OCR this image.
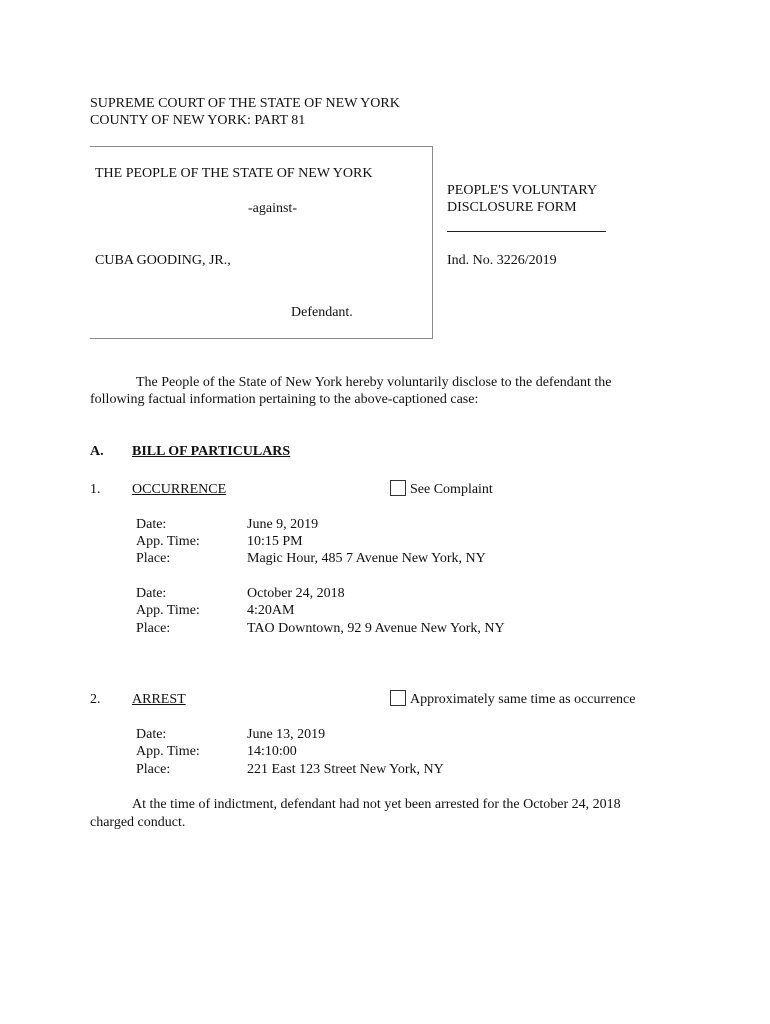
SUPREME COURT OF THE STATE OF NEW YORK
COUNTY OF NEW YORK: PART 81
THE PEOPLE OF THE STATE OF NEW YORK
-against-
CUBA GOODING, JR.,
Defendant.
PEOPLE'S VOLUNTARY
DISCLOSURE FORM
Ind. No. 3226/2019
The People of the State of New York hereby voluntarily disclose to the defendant the
following factual information pertaining to the above-captioned case:
A. BILL OF PARTICULARS
1. OCCURRENCE	See Complaint
Date:	June 9, 2019
App. Time:	10:15 PM
Place:	Magic Hour, 485 7 Avenue New York, NY
Date:	October 24, 2018
App. Time:	4:20AM
Place:	TAO Downtown, 92 9 Avenue New York, NY
2. ARREST	Approximately same time as occurrence
Date:	June 13, 2019
App. Time:	14:10:00
Place:	221 East 123 Street New York, NY
At the time of indictment, defendant had not yet been arrested for the October 24, 2018
charged conduct.
